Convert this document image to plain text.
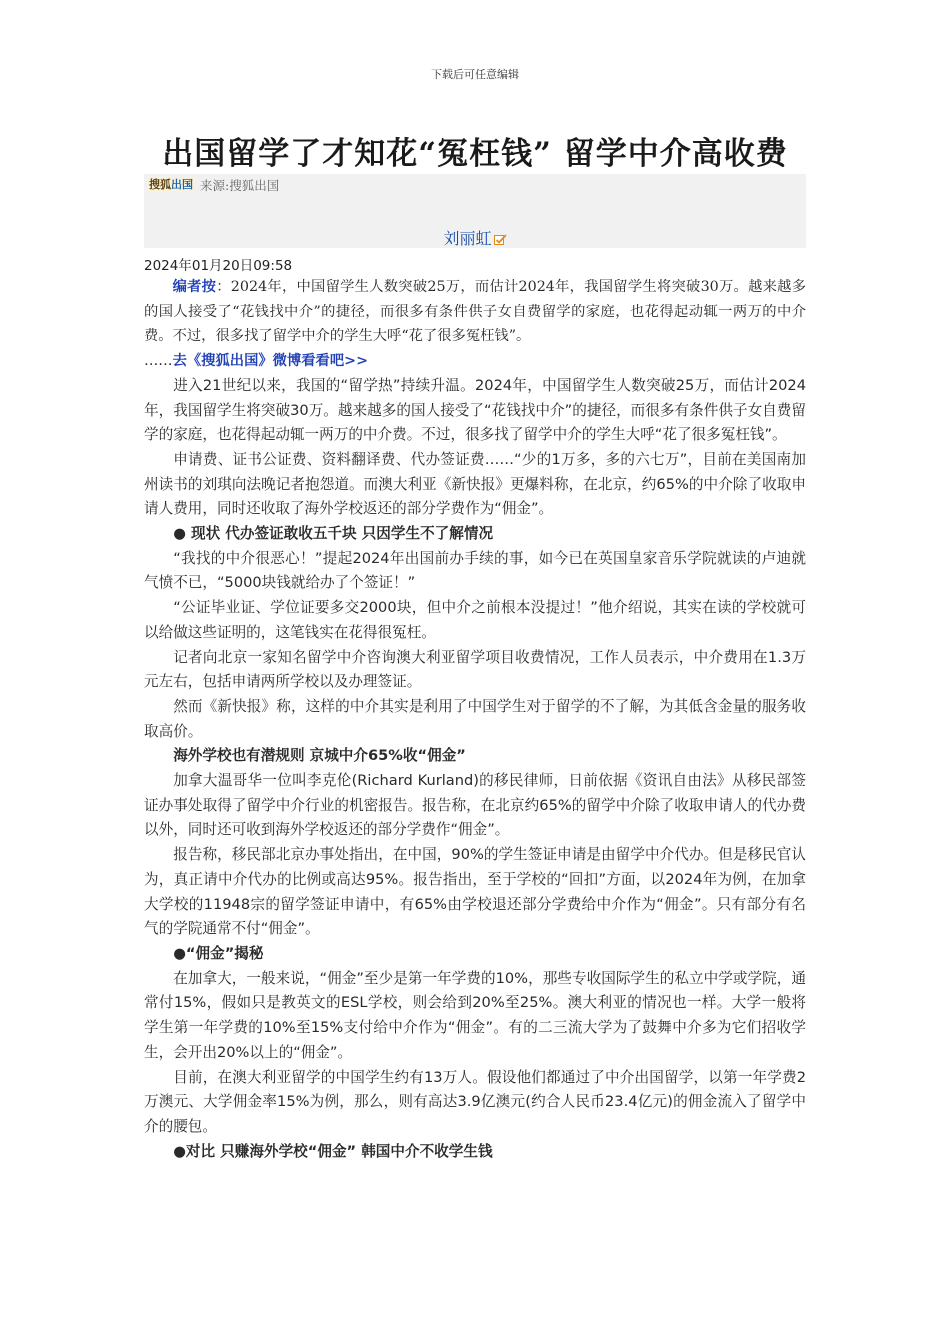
下载后可任意编辑
出国留学了才知花“冤枉钱” 留学中介高收费
搜狐出国 来源:搜狐出国
刘丽虹
2024年01月20日09:58

编者按：2024年，中国留学生人数突破25万，而估计2024年，我国留学生将突破30万。越来越多的国人接受了“花钱找中介”的捷径，而很多有条件供子女自费留学的家庭，也花得起动辄一两万的中介费。不过，很多找了留学中介的学生大呼“花了很多冤枉钱”。
……去《搜狐出国》微博看看吧>>

进入21世纪以来，我国的“留学热”持续升温。2024年，中国留学生人数突破25万，而估计2024年，我国留学生将突破30万。越来越多的国人接受了“花钱找中介”的捷径，而很多有条件供子女自费留学的家庭，也花得起动辄一两万的中介费。不过，很多找了留学中介的学生大呼“花了很多冤枉钱”。

申请费、证书公证费、资料翻译费、代办签证费……“少的1万多，多的六七万”，目前在美国南加州读书的刘琪向法晚记者抱怨道。而澳大利亚《新快报》更爆料称，在北京，约65%的中介除了收取申请人费用，同时还收取了海外学校返还的部分学费作为“佣金”。

● 现状 代办签证敢收五千块 只因学生不了解情况

“我找的中介很恶心！”提起2024年出国前办手续的事，如今已在英国皇家音乐学院就读的卢迪就气愤不已，“5000块钱就给办了个签证！”

“公证毕业证、学位证要多交2000块，但中介之前根本没提过！”他介绍说，其实在读的学校就可以给做这些证明的，这笔钱实在花得很冤枉。

记者向北京一家知名留学中介咨询澳大利亚留学项目收费情况，工作人员表示，中介费用在1.3万元左右，包括申请两所学校以及办理签证。

然而《新快报》称，这样的中介其实是利用了中国学生对于留学的不了解，为其低含金量的服务收取高价。

海外学校也有潜规则 京城中介65%收“佣金”

加拿大温哥华一位叫李克伦(Richard Kurland)的移民律师，日前依据《资讯自由法》从移民部签证办事处取得了留学中介行业的机密报告。报告称，在北京约65%的留学中介除了收取申请人的代办费以外，同时还可收到海外学校返还的部分学费作“佣金”。

报告称，移民部北京办事处指出，在中国，90%的学生签证申请是由留学中介代办。但是移民官认为，真正请中介代办的比例或高达95%。报告指出，至于学校的“回扣”方面，以2024年为例，在加拿大学校的11948宗的留学签证申请中，有65%由学校退还部分学费给中介作为“佣金”。只有部分有名气的学院通常不付“佣金”。

●“佣金”揭秘

在加拿大，一般来说，“佣金”至少是第一年学费的10%，那些专收国际学生的私立中学或学院，通常付15%，假如只是教英文的ESL学校，则会给到20%至25%。澳大利亚的情况也一样。大学一般将学生第一年学费的10%至15%支付给中介作为“佣金”。有的二三流大学为了鼓舞中介多为它们招收学生，会开出20%以上的“佣金”。

目前，在澳大利亚留学的中国学生约有13万人。假设他们都通过了中介出国留学，以第一年学费2万澳元、大学佣金率15%为例，那么，则有高达3.9亿澳元(约合人民币23.4亿元)的佣金流入了留学中介的腰包。

●对比 只赚海外学校“佣金” 韩国中介不收学生钱
